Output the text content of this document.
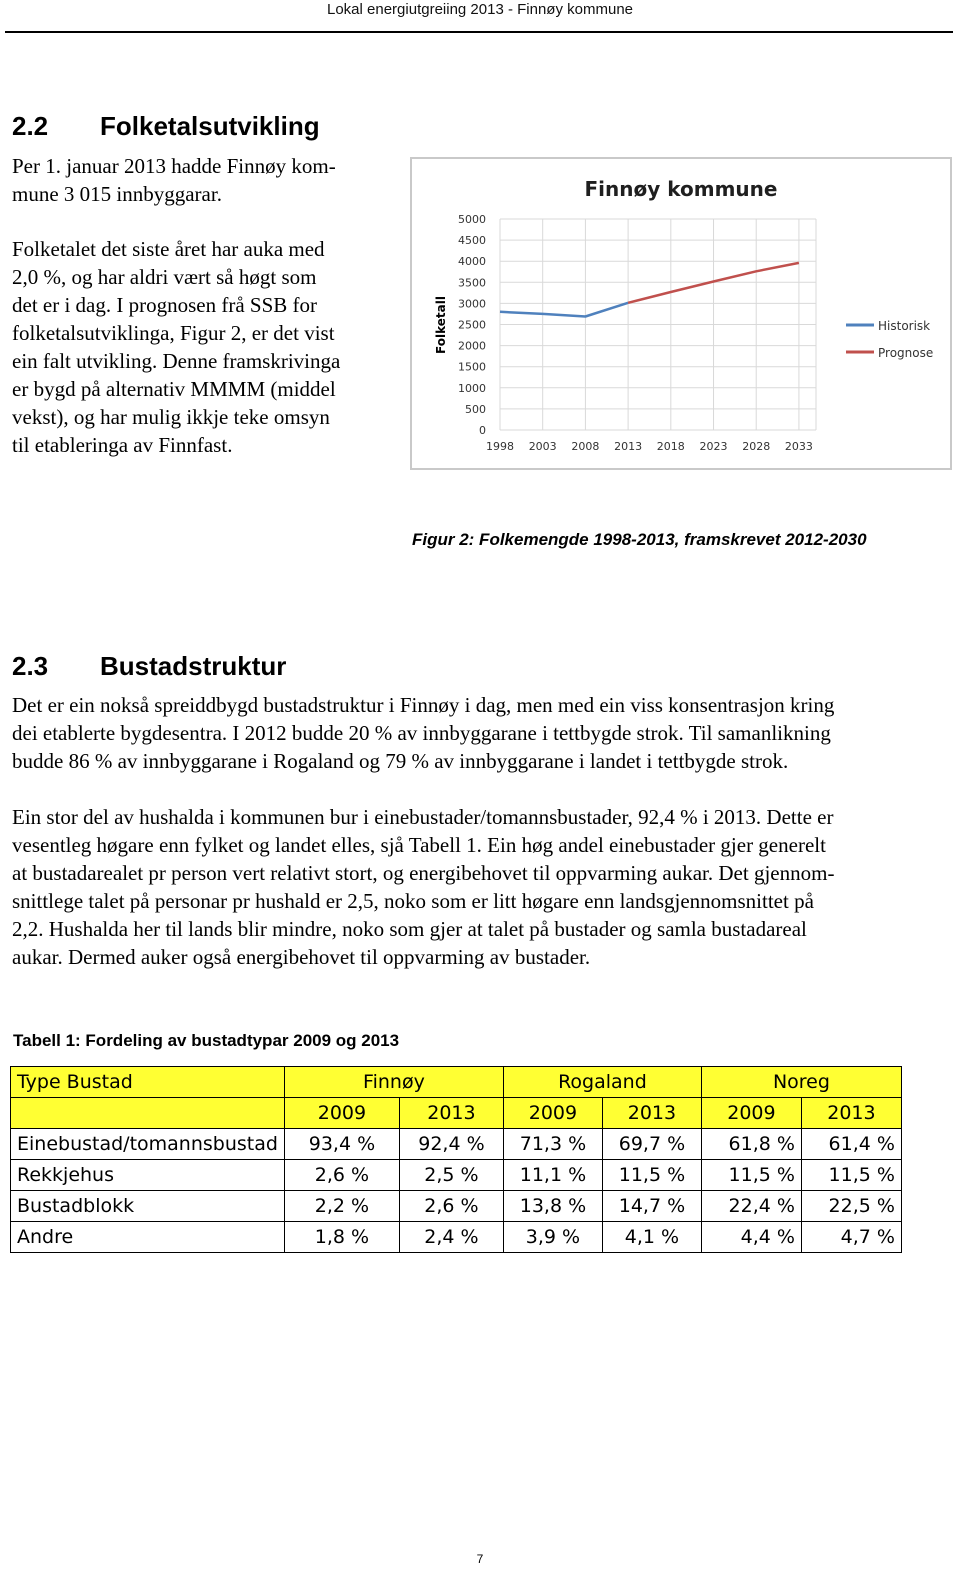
Lokal energiutgreiing 2013 - Finnøy kommune
2.2 Folketalsutvikling
Per 1. januar 2013 hadde Finnøy kom-
mune 3 015 innbyggarar.
Folketalet det siste året har auka med
2,0 %, og har aldri vært så høgt som
det er i dag. I prognosen frå SSB for
folketalsutviklinga, Figur 2, er det vist
ein falt utvikling. Denne framskrivinga
er bygd på alternativ MMMM (middel
vekst), og har mulig ikkje teke omsyn
til etableringa av Finnfast.
Finnøy kommune
Folketall
5000
4500
4000
3500
3000
2500
2000
1500
1000
500
0
1998 2003 2008 2013 2018 2023 2028 2033
Historisk
Prognose
Figur 2: Folkemengde 1998-2013, framskrevet 2012-2030
2.3 Bustadstruktur
Det er ein nokså spreiddbygd bustadstruktur i Finnøy i dag, men med ein viss konsentrasjon kring
dei etablerte bygdesentra. I 2012 budde 20 % av innbyggarane i tettbygde strok. Til samanlikning
budde 86 % av innbyggarane i Rogaland og 79 % av innbyggarane i landet i tettbygde strok.
Ein stor del av hushalda i kommunen bur i einebustader/tomannsbustader, 92,4 % i 2013. Dette er
vesentleg høgare enn fylket og landet elles, sjå Tabell 1. Ein høg andel einebustader gjer generelt
at bustadarealet pr person vert relativt stort, og energibehovet til oppvarming aukar. Det gjennom-
snittlege talet på personar pr hushald er 2,5, noko som er litt høgare enn landsgjennomsnittet på
2,2. Hushalda her til lands blir mindre, noko som gjer at talet på bustader og samla bustadareal
aukar. Dermed auker også energibehovet til oppvarming av bustader.
Tabell 1: Fordeling av bustadtypar 2009 og 2013
Type Bustad	Finnøy		Rogaland		Noreg	
	2009	2013	2009	2013	2009	2013
Einebustad/tomannsbustad	93,4 %	92,4 %	71,3 %	69,7 %	61,8 %	61,4 %
Rekkjehus	2,6 %	2,5 %	11,1 %	11,5 %	11,5 %	11,5 %
Bustadblokk	2,2 %	2,6 %	13,8 %	14,7 %	22,4 %	22,5 %
Andre	1,8 %	2,4 %	3,9 %	4,1 %	4,4 %	4,7 %
7
